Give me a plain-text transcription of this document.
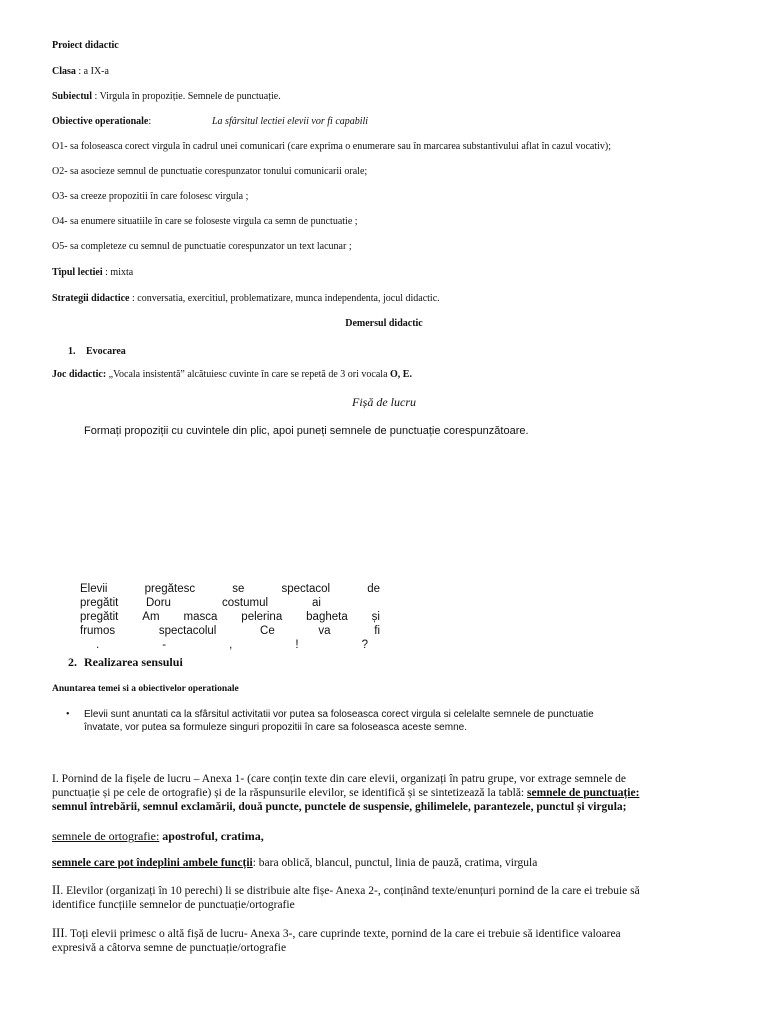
Proiect didactic
Clasa : a IX-a
Subiectul : Virgula în propoziție. Semnele de punctuație.
Obiective operationale:	La sfârsitul lectiei elevii vor fi capabili
O1- sa foloseasca corect virgula în cadrul unei comunicari (care exprima o enumerare sau în marcarea substantivului aflat în cazul vocativ);
O2- sa asocieze semnul de punctuatie corespunzator tonului comunicarii orale;
O3- sa creeze propozitii în care folosesc virgula ;
O4- sa enumere situatiile în care se foloseste virgula ca semn de punctuatie ;
O5- sa completeze cu semnul de punctuatie corespunzator un text lacunar ;
Tipul lectiei : mixta
Strategii didactice : conversatia, exercitiul, problematizare, munca independenta, jocul didactic.
Demersul didactic
1. Evocarea
Joc didactic: „Vocala insistentă” alcătuiesc cuvinte în care se repetă de 3 ori vocala O, E.
Fișă de lucru
Formați propoziții cu cuvintele din plic, apoi puneți semnele de punctuație corespunzătoare.
Elevii	pregătesc	se	spectacol	de
pregătit	Doru	costumul	ai
pregătit Am masca pelerina bagheta și
frumos	spectacolul	Ce	va	fi
.	-	,	!	?
2. Realizarea sensului
Anuntarea temei si a obiectivelor operationale
• Elevii sunt anuntati ca la sfârsitul activitatii vor putea sa foloseasca corect virgula si celelalte semnele de punctuatie
învatate, vor putea sa formuleze singuri propozitii în care sa foloseasca aceste semne.
I. Pornind de la fișele de lucru – Anexa 1- (care conțin texte din care elevii, organizați în patru grupe, vor extrage semnele de
punctuație și pe cele de ortografie) și de la răspunsurile elevilor, se identifică și se sintetizează la tablă: semnele de punctuație:
semnul întrebării, semnul exclamării, două puncte, punctele de suspensie, ghilimelele, parantezele, punctul și virgula;
semnele de ortografie: apostroful, cratima,
semnele care pot îndeplini ambele funcții: bara oblică, blancul, punctul, linia de pauză, cratima, virgula
II. Elevilor (organizați în 10 perechi) li se distribuie alte fișe- Anexa 2-, conținând texte/enunțuri pornind de la care ei trebuie să
identifice funcțiile semnelor de punctuație/ortografie
III. Toți elevii primesc o altă fișă de lucru- Anexa 3-, care cuprinde texte, pornind de la care ei trebuie să identifice valoarea
expresivă a câtorva semne de punctuație/ortografie
